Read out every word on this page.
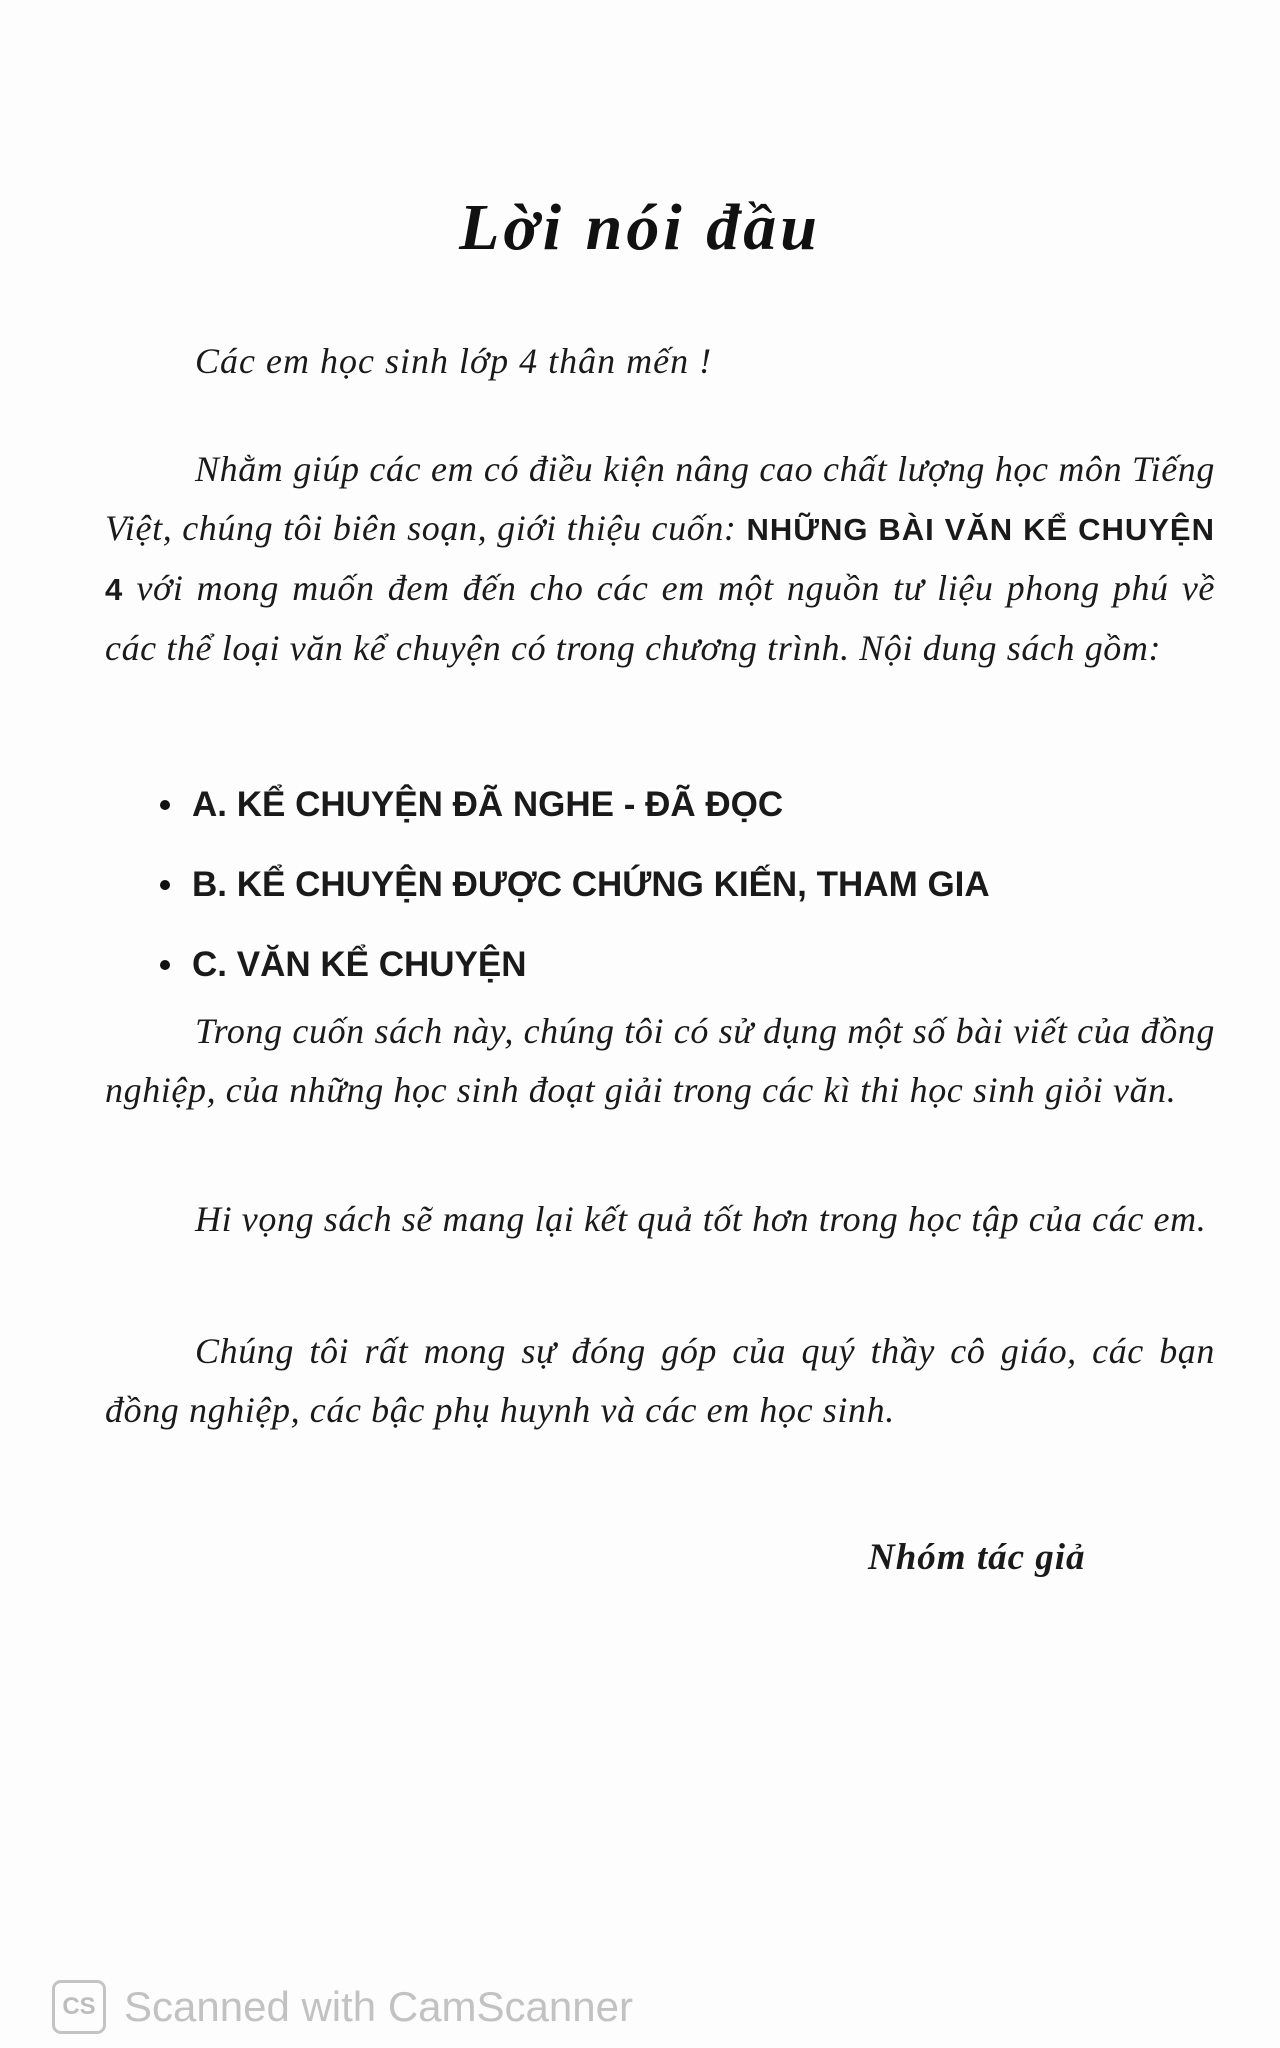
Lời nói đầu
Các em học sinh lớp 4 thân mến !

Nhằm giúp các em có điều kiện nâng cao chất lượng học môn Tiếng Việt, chúng tôi biên soạn, giới thiệu cuốn: NHỮNG BÀI VĂN KỂ CHUYỆN 4 với mong muốn đem đến cho các em một nguồn tư liệu phong phú về các thể loại văn kể chuyện có trong chương trình. Nội dung sách gồm:

A. KỂ CHUYỆN ĐÃ NGHE - ĐÃ ĐỌC
B. KỂ CHUYỆN ĐƯỢC CHỨNG KIẾN, THAM GIA
C. VĂN KỂ CHUYỆN

Trong cuốn sách này, chúng tôi có sử dụng một số bài viết của đồng nghiệp, của những học sinh đoạt giải trong các kì thi học sinh giỏi văn.

Hi vọng sách sẽ mang lại kết quả tốt hơn trong học tập của các em.

Chúng tôi rất mong sự đóng góp của quý thầy cô giáo, các bạn đồng nghiệp, các bậc phụ huynh và các em học sinh.

Nhóm tác giả
CS Scanned with CamScanner
